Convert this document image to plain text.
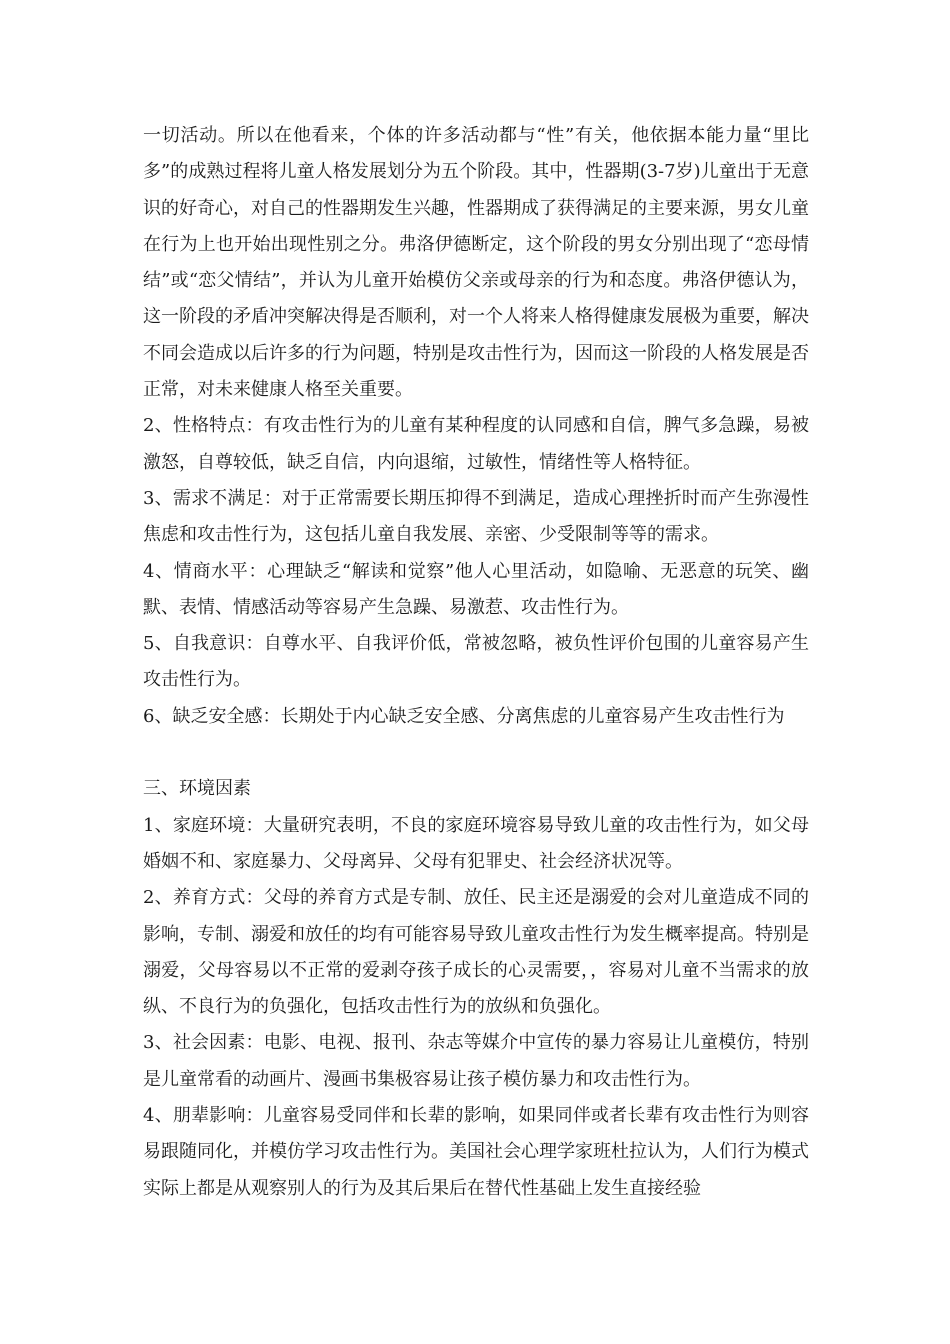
一切活动。所以在他看来，个体的许多活动都与“性”有关，他依据本能力量“里比多”的成熟过程将儿童人格发展划分为五个阶段。其中，性器期(3-7岁)儿童出于无意识的好奇心，对自己的性器期发生兴趣，性器期成了获得满足的主要来源，男女儿童在行为上也开始出现性别之分。弗洛伊德断定，这个阶段的男女分别出现了“恋母情结”或“恋父情结”，并认为儿童开始模仿父亲或母亲的行为和态度。弗洛伊德认为，这一阶段的矛盾冲突解决得是否顺利，对一个人将来人格得健康发展极为重要，解决不同会造成以后许多的行为问题，特别是攻击性行为，因而这一阶段的人格发展是否正常，对未来健康人格至关重要。

2、性格特点：有攻击性行为的儿童有某种程度的认同感和自信，脾气多急躁，易被激怒，自尊较低，缺乏自信，内向退缩，过敏性，情绪性等人格特征。

3、需求不满足：对于正常需要长期压抑得不到满足，造成心理挫折时而产生弥漫性焦虑和攻击性行为，这包括儿童自我发展、亲密、少受限制等等的需求。

4、情商水平：心理缺乏“解读和觉察”他人心里活动，如隐喻、无恶意的玩笑、幽默、表情、情感活动等容易产生急躁、易激惹、攻击性行为。

5、自我意识：自尊水平、自我评价低，常被忽略，被负性评价包围的儿童容易产生攻击性行为。

6、缺乏安全感：长期处于内心缺乏安全感、分离焦虑的儿童容易产生攻击性行为

三、环境因素

1、家庭环境：大量研究表明，不良的家庭环境容易导致儿童的攻击性行为，如父母婚姻不和、家庭暴力、父母离异、父母有犯罪史、社会经济状况等。

2、养育方式：父母的养育方式是专制、放任、民主还是溺爱的会对儿童造成不同的影响，专制、溺爱和放任的均有可能容易导致儿童攻击性行为发生概率提高。特别是溺爱，父母容易以不正常的爱剥夺孩子成长的心灵需要，，容易对儿童不当需求的放纵、不良行为的负强化，包括攻击性行为的放纵和负强化。

3、社会因素：电影、电视、报刊、杂志等媒介中宣传的暴力容易让儿童模仿，特别是儿童常看的动画片、漫画书集极容易让孩子模仿暴力和攻击性行为。

4、朋辈影响：儿童容易受同伴和长辈的影响，如果同伴或者长辈有攻击性行为则容易跟随同化，并模仿学习攻击性行为。美国社会心理学家班杜拉认为，人们行为模式实际上都是从观察别人的行为及其后果后在替代性基础上发生直接经验
